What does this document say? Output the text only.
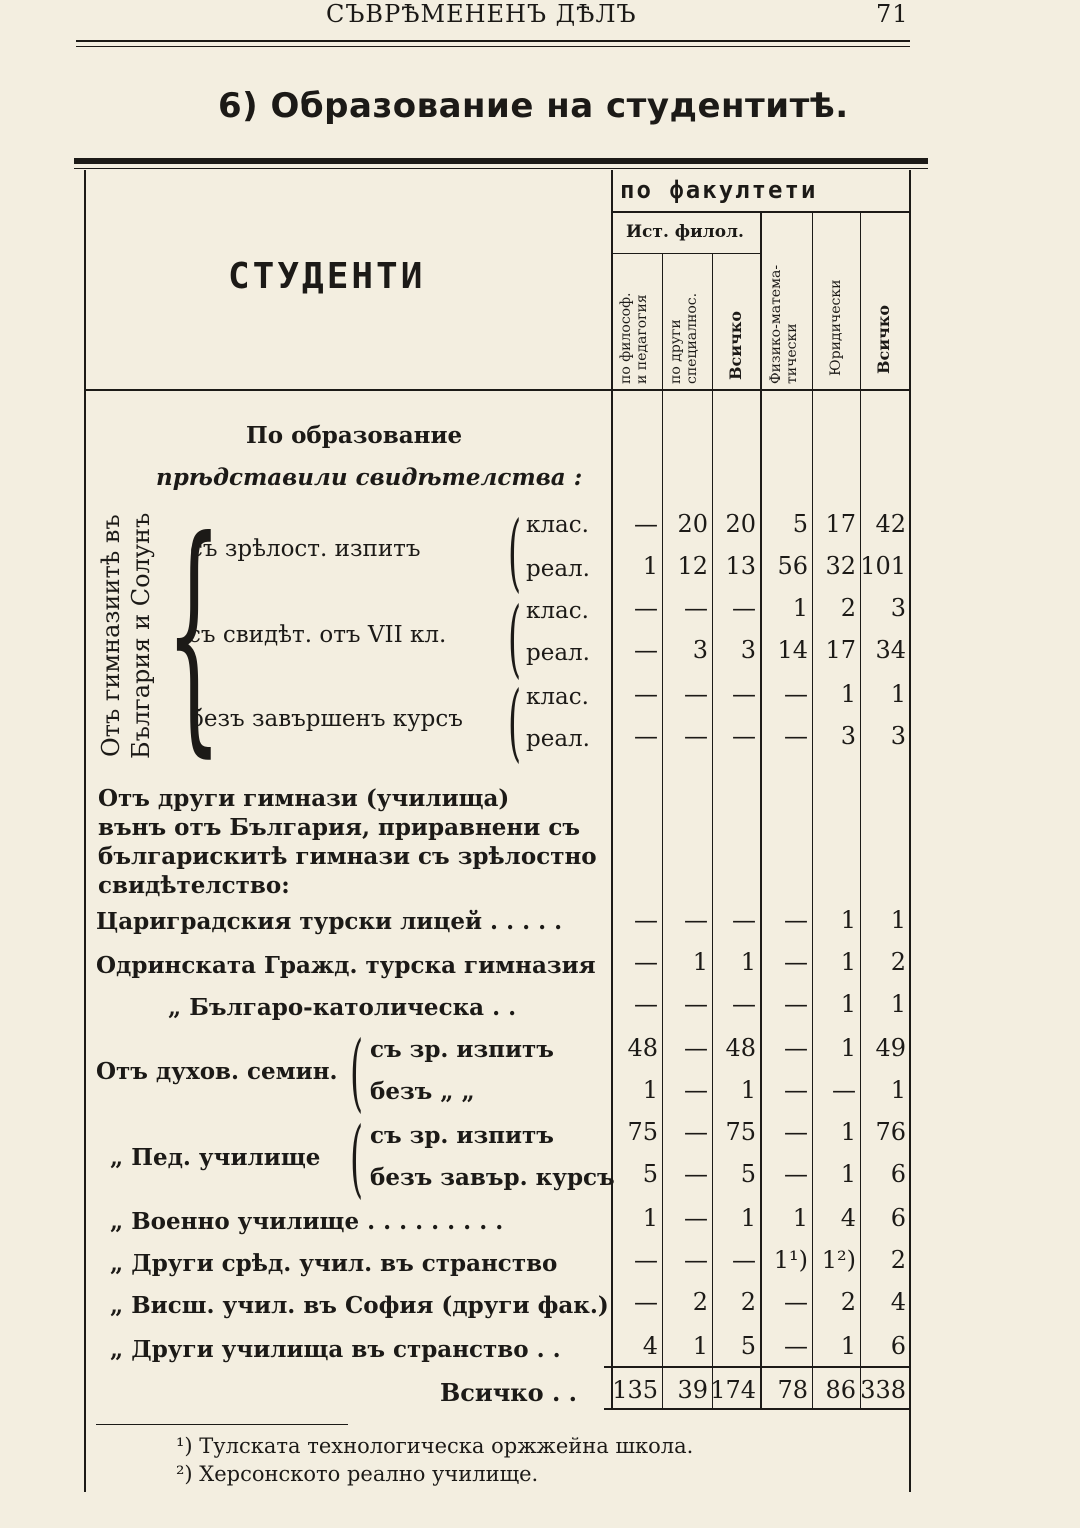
СЪВРѢМЕНЕНЪ ДѢЛЪ	71
6) Образование на студентитѣ.
СТУДЕНТИ
по факултети
Ист. филол.
по философ.
и педагогия
по други
специалнос. Всичко Физико-матема-
тически Юридически Всичко
По образование
прѣдставили свидѣтелства :
Отъ гимназиитѣ въ
България и Солунъ {
съ зрѣлост. изпитъ
съ свидѣт. отъ VII кл.
безъ завършенъ курсъ
(
(
(
клас.
реал.
клас.
реал.
клас.
реал.
Отъ други гимнази (училища)
вънъ отъ България, приравнени съ
българискитѣ гимнази съ зрѣлостно
свидѣтелство:
Цариградския турски лицей . . . . .
Одринската Гражд. турска гимназия
„ Българо-католическа . .
Отъ духов. семин. ( съ зр. изпитъ
безъ „ „
„ Пед. училище ( съ зр. изпитъ
безъ завър. курсъ
„ Военно училище . . . . . . . . .
„ Други срѣд. учил. въ странство
„ Висш. учил. въ София (други фак.)
„ Други училища въ странство . .
Всичко . .
— 20 20 5 17 42
1 12 13 56 32 101
— — — 1 2 3
— 3 3 14 17 34
— — — — 1 1
— — — — 3 3
— — — — 1 1
— 1 1 — 1 2
— — — — 1 1
48 — 48 — 1 49
1 — 1 — — 1
75 — 75 — 1 76
5 — 5 — 1 6
1 — 1 1 4 6
— — — 1¹) 1²) 2
— 2 2 — 2 4
4 1 5 — 1 6
135 39 174 78 86 338
¹) Тулската технологическа оржжейна школа.
²) Херсонското реално училище.
